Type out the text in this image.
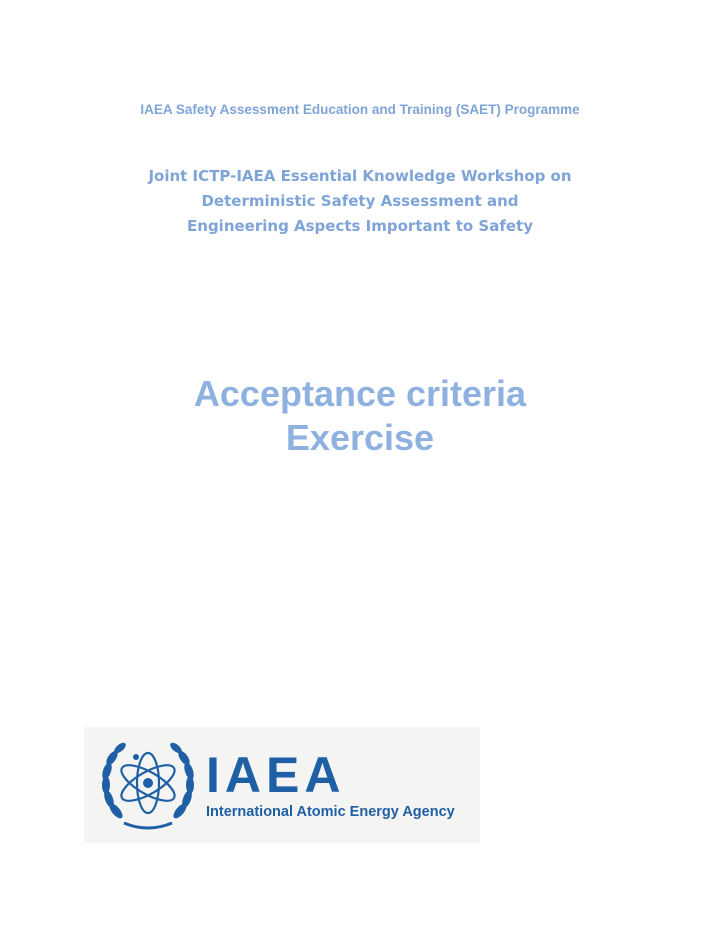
IAEA Safety Assessment Education and Training (SAET) Programme
Joint ICTP-IAEA Essential Knowledge Workshop on
Deterministic Safety Assessment and
Engineering Aspects Important to Safety
Acceptance criteria
Exercise
IAEA
International Atomic Energy Agency
